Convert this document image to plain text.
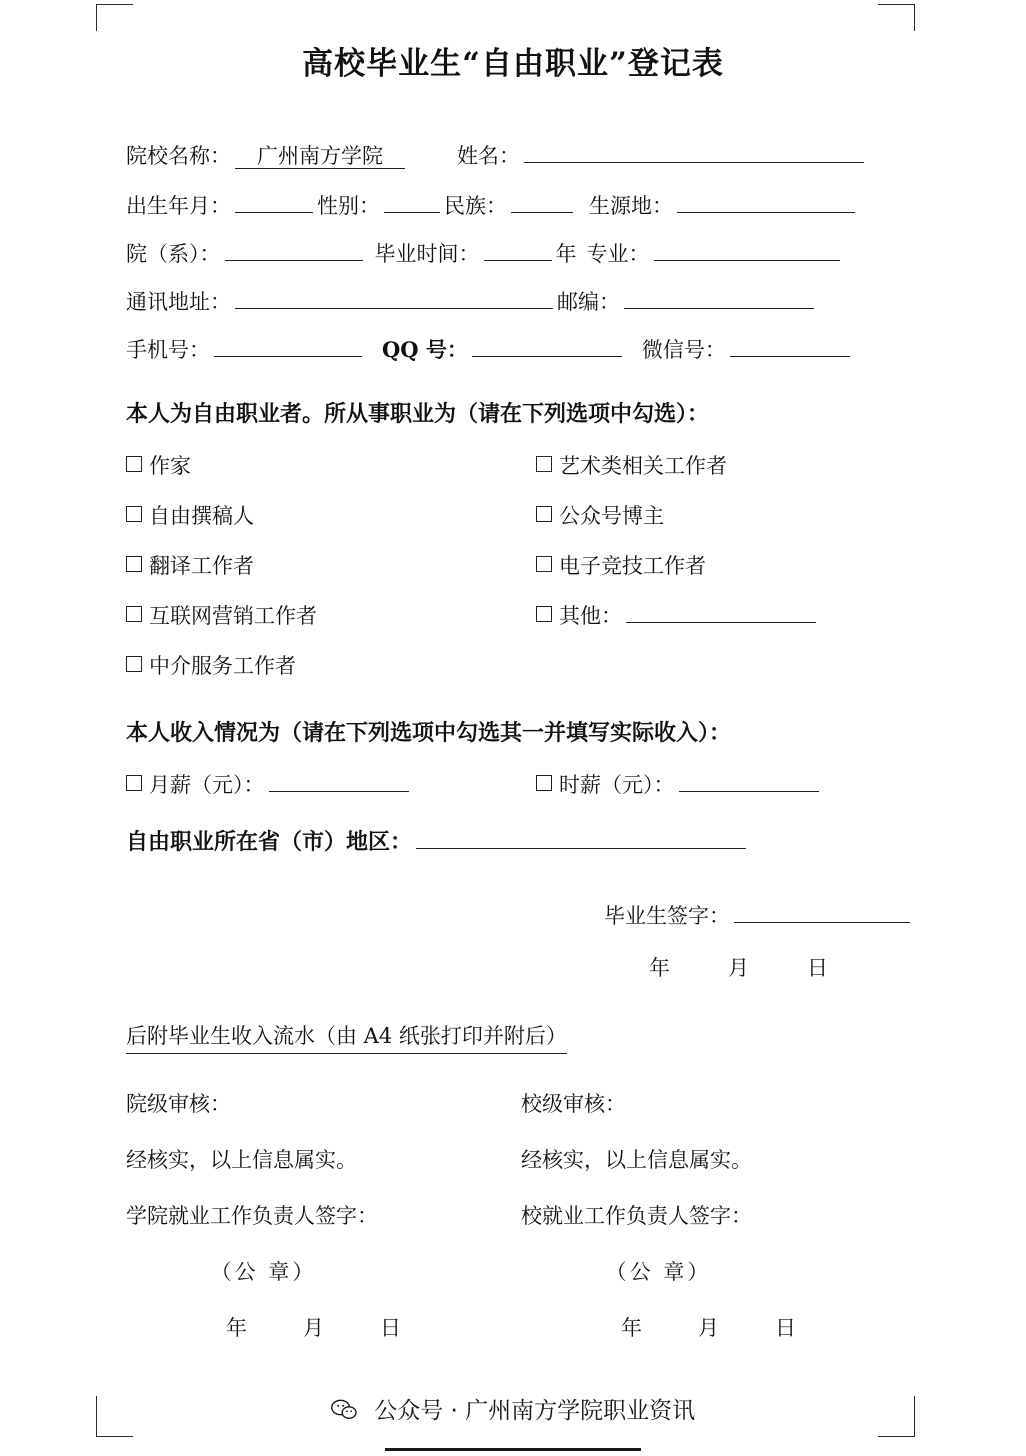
高校毕业生“自由职业”登记表
院校名称：	广州南方学院	姓名：
出生年月：	性别：	民族：	生源地：
院（系）：	毕业时间：	年 专业：
通讯地址：	邮编：
手机号：	QQ 号：	微信号：
本人为自由职业者。所从事职业为（请在下列选项中勾选）：
作家	艺术类相关工作者
自由撰稿人	公众号博主
翻译工作者	电子竞技工作者
互联网营销工作者	其他：
中介服务工作者
本人收入情况为（请在下列选项中勾选其一并填写实际收入）：
月薪（元）：	时薪（元）：
自由职业所在省（市）地区：
毕业生签字：
年	月	日
后附毕业生收入流水（由 A4 纸张打印并附后）
院级审核：
经核实，以上信息属实。
学院就业工作负责人签字：
（公 章）
年	月	日
校级审核：
经核实，以上信息属实。
校就业工作负责人签字：
（公 章）
年	月	日
公众号 · 广州南方学院职业资讯
